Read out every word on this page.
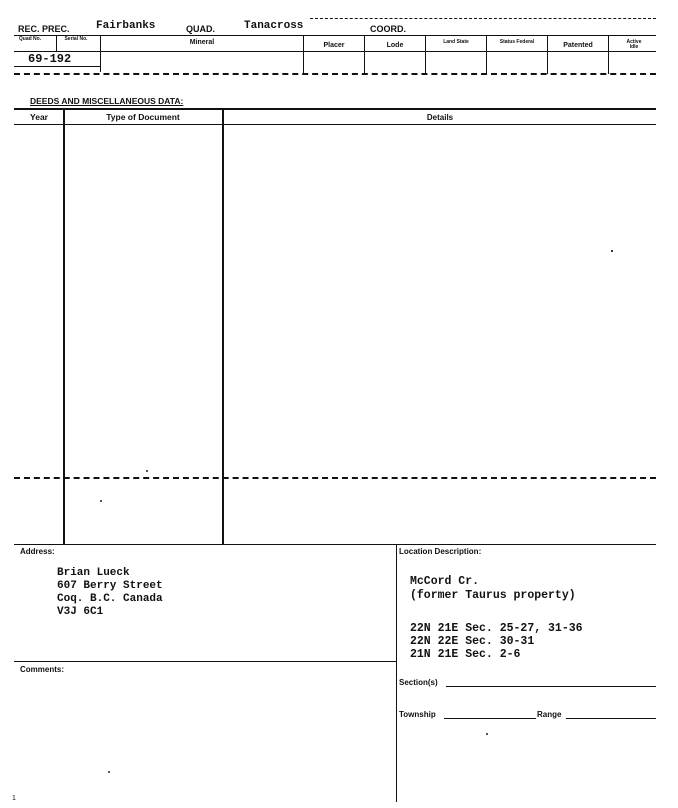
REC. PREC. Fairbanks	QUAD.	Tanacross	COORD.
Quad No.	Serial No.	Mineral	Placer	Lode	Land State	Status Federal	Patented	Active Idle
69-192
DEEDS AND MISCELLANEOUS DATA:
Year	Type of Document	Details
Address:
Brian Lueck
607 Berry Street
Coq. B.C. Canada
V3J 6C1
Location Description:
McCord Cr.
(former Taurus property)
22N 21E Sec. 25-27, 31-36
22N 22E Sec. 30-31
21N 21E Sec. 2-6
Comments:
Section(s)
Township	Range
1
